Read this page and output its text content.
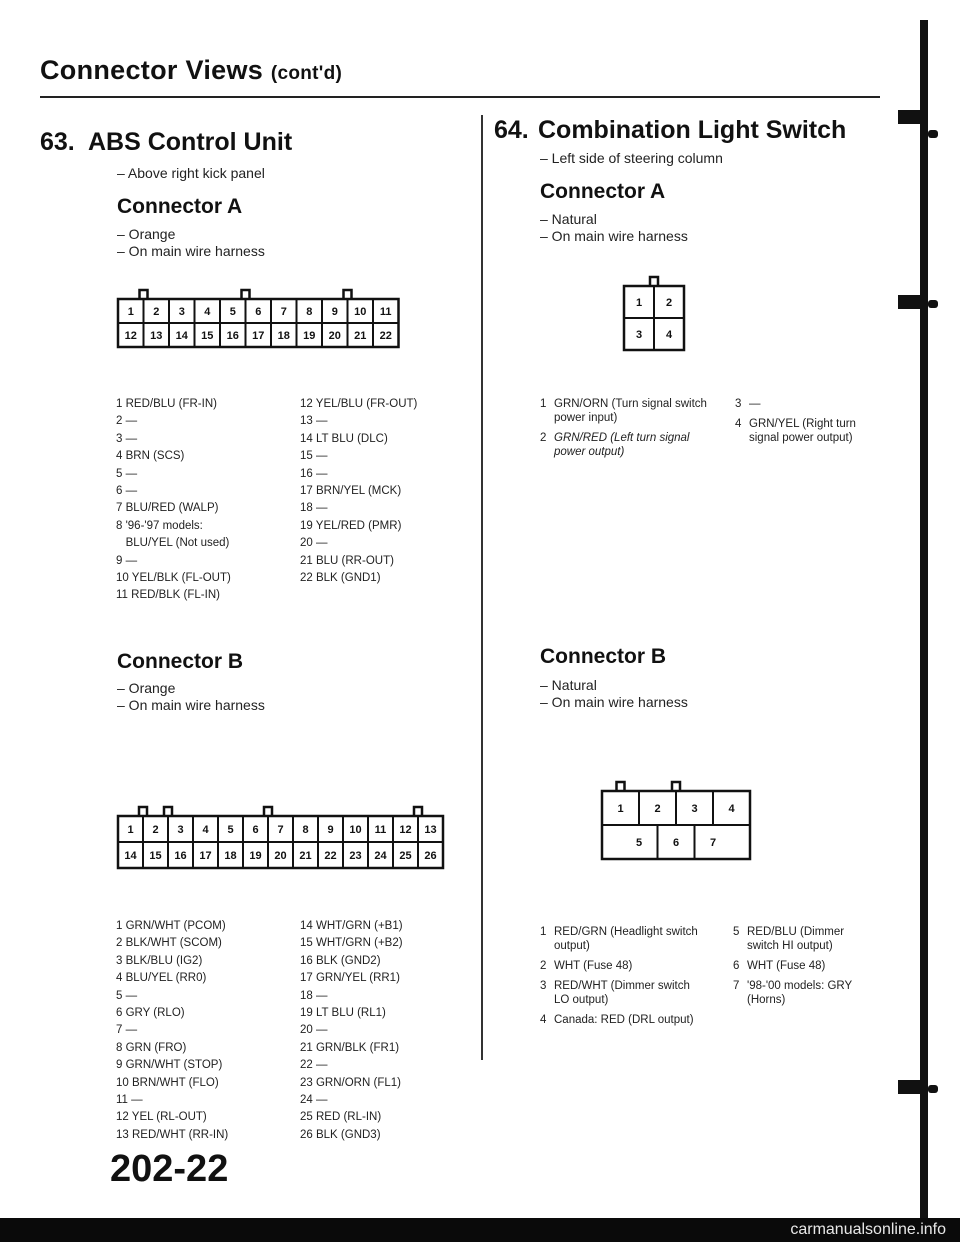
Connector Views (cont'd)
63. ABS Control Unit
– Above right kick panel
Connector A
– Orange
– On main wire harness
1 2 3 4 5 6 7 8 9 10 11
12 13 14 15 16 17 18 19 20 21 22
1 RED/BLU (FR-IN)
2 —
3 —
4 BRN (SCS)
5 —
6 —
7 BLU/RED (WALP)
8 '96-'97 models:
BLU/YEL (Not used)
9 —
10 YEL/BLK (FL-OUT)
11 RED/BLK (FL-IN)
12 YEL/BLU (FR-OUT)
13 —
14 LT BLU (DLC)
15 —
16 —
17 BRN/YEL (MCK)
18 —
19 YEL/RED (PMR)
20 —
21 BLU (RR-OUT)
22 BLK (GND1)
Connector B
– Orange
– On main wire harness
1 2 3 4 5 6 7 8 9 10 11 12 13
14 15 16 17 18 19 20 21 22 23 24 25 26
1 GRN/WHT (PCOM)
2 BLK/WHT (SCOM)
3 BLK/BLU (IG2)
4 BLU/YEL (RR0)
5 —
6 GRY (RLO)
7 —
8 GRN (FRO)
9 GRN/WHT (STOP)
10 BRN/WHT (FLO)
11 —
12 YEL (RL-OUT)
13 RED/WHT (RR-IN)
14 WHT/GRN (+B1)
15 WHT/GRN (+B2)
16 BLK (GND2)
17 GRN/YEL (RR1)
18 —
19 LT BLU (RL1)
20 —
21 GRN/BLK (FR1)
22 —
23 GRN/ORN (FL1)
24 —
25 RED (RL-IN)
26 BLK (GND3)
64. Combination Light Switch
– Left side of steering column
Connector A
– Natural
– On main wire harness
1 2
3 4
1 GRN/ORN (Turn signal switch power input)
2 GRN/RED (Left turn signal power output)
3 —
4 GRN/YEL (Right turn signal power output)
Connector B
– Natural
– On main wire harness
1	2	3	4
5	6	7
1 RED/GRN (Headlight switch output)
2 WHT (Fuse 48)
3 RED/WHT (Dimmer switch LO output)
4 Canada: RED (DRL output)
5 RED/BLU (Dimmer switch HI output)
6 WHT (Fuse 48)
7 '98-'00 models: GRY (Horns)
202-22
carmanualsonline.info
